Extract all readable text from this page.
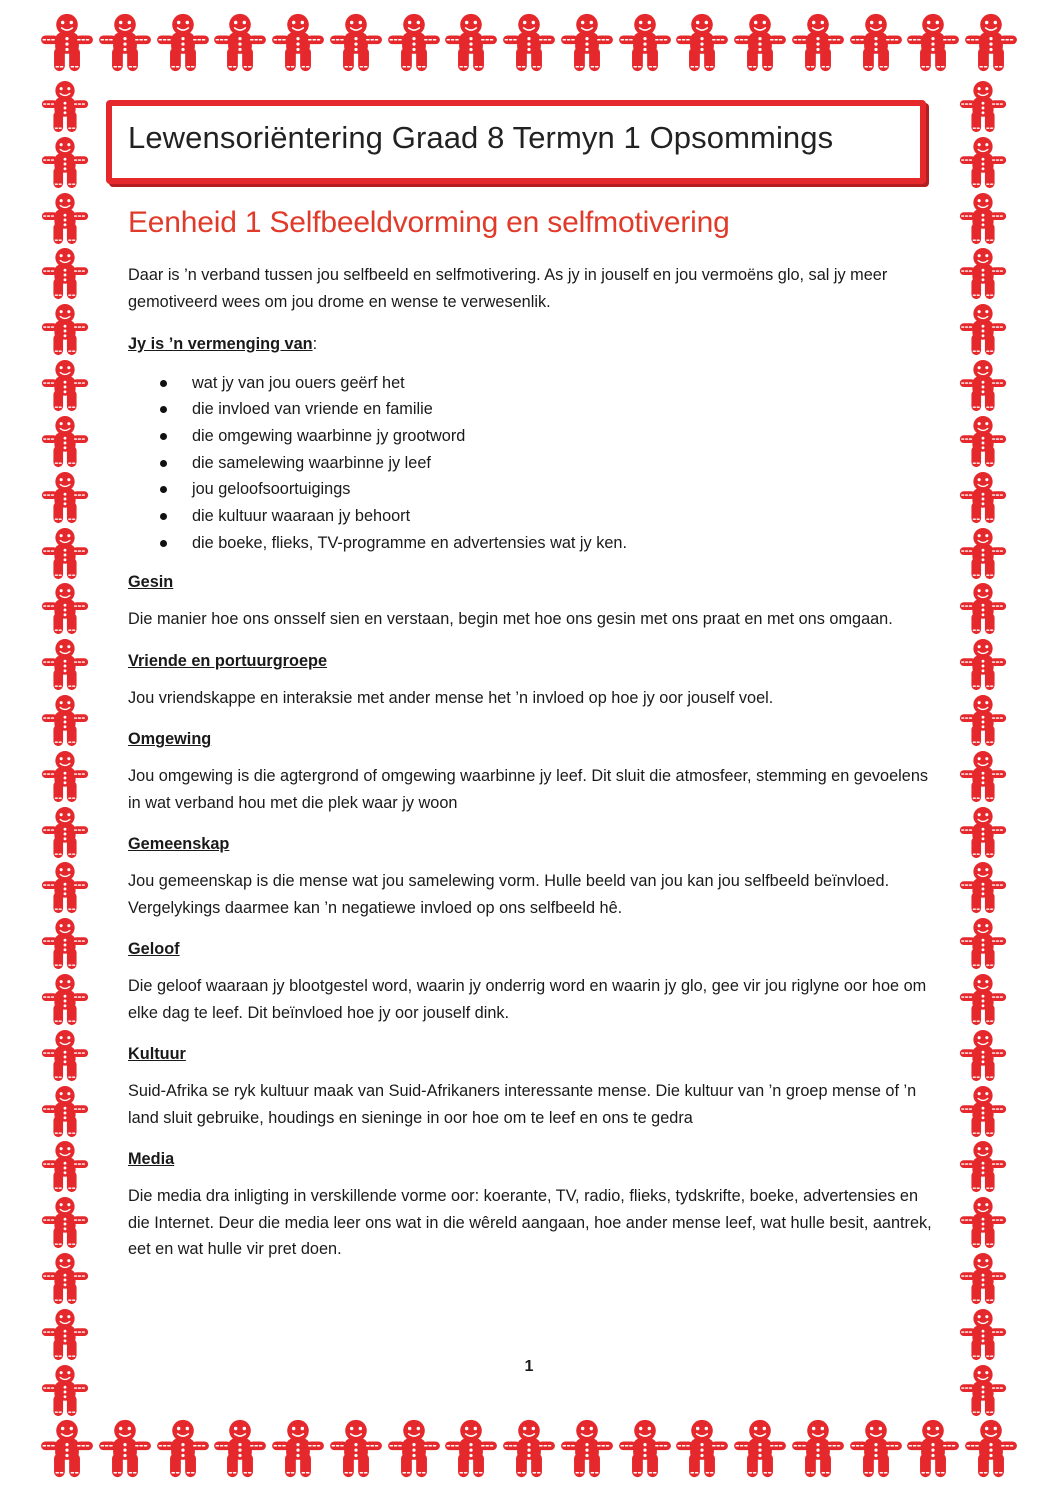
Lewensoriëntering Graad 8 Termyn 1 Opsommings
Eenheid 1 Selfbeeldvorming en selfmotivering

Daar is ’n verband tussen jou selfbeeld en selfmotivering. As jy in jouself en jou vermoëns glo, sal jy meer gemotiveerd wees om jou drome en wense te verwesenlik.

Jy is ’n vermenging van:

wat jy van jou ouers geërf het
die invloed van vriende en familie
die omgewing waarbinne jy grootword
die samelewing waarbinne jy leef
jou geloofsoortuigings
die kultuur waaraan jy behoort
die boeke, flieks, TV-programme en advertensies wat jy ken.
Gesin

Die manier hoe ons onsself sien en verstaan, begin met hoe ons gesin met ons praat en met ons omgaan.

Vriende en portuurgroepe

Jou vriendskappe en interaksie met ander mense het ’n invloed op hoe jy oor jouself voel.

Omgewing

Jou omgewing is die agtergrond of omgewing waarbinne jy leef. Dit sluit die atmosfeer, stemming en gevoelens in wat verband hou met die plek waar jy woon

Gemeenskap

Jou gemeenskap is die mense wat jou samelewing vorm. Hulle beeld van jou kan jou selfbeeld beïnvloed. Vergelykings daarmee kan ’n negatiewe invloed op ons selfbeeld hê.

Geloof

Die geloof waaraan jy blootgestel word, waarin jy onderrig word en waarin jy glo, gee vir jou riglyne oor hoe om elke dag te leef. Dit beïnvloed hoe jy oor jouself dink.

Kultuur

Suid-Afrika se ryk kultuur maak van Suid-Afrikaners interessante mense. Die kultuur van ’n groep mense of ’n land sluit gebruike, houdings en sieninge in oor hoe om te leef en ons te gedra

Media

Die media dra inligting in verskillende vorme oor: koerante, TV, radio, flieks, tydskrifte, boeke, advertensies en die Internet. Deur die media leer ons wat in die wêreld aangaan, hoe ander mense leef, wat hulle besit, aantrek, eet en wat hulle vir pret doen.

1
